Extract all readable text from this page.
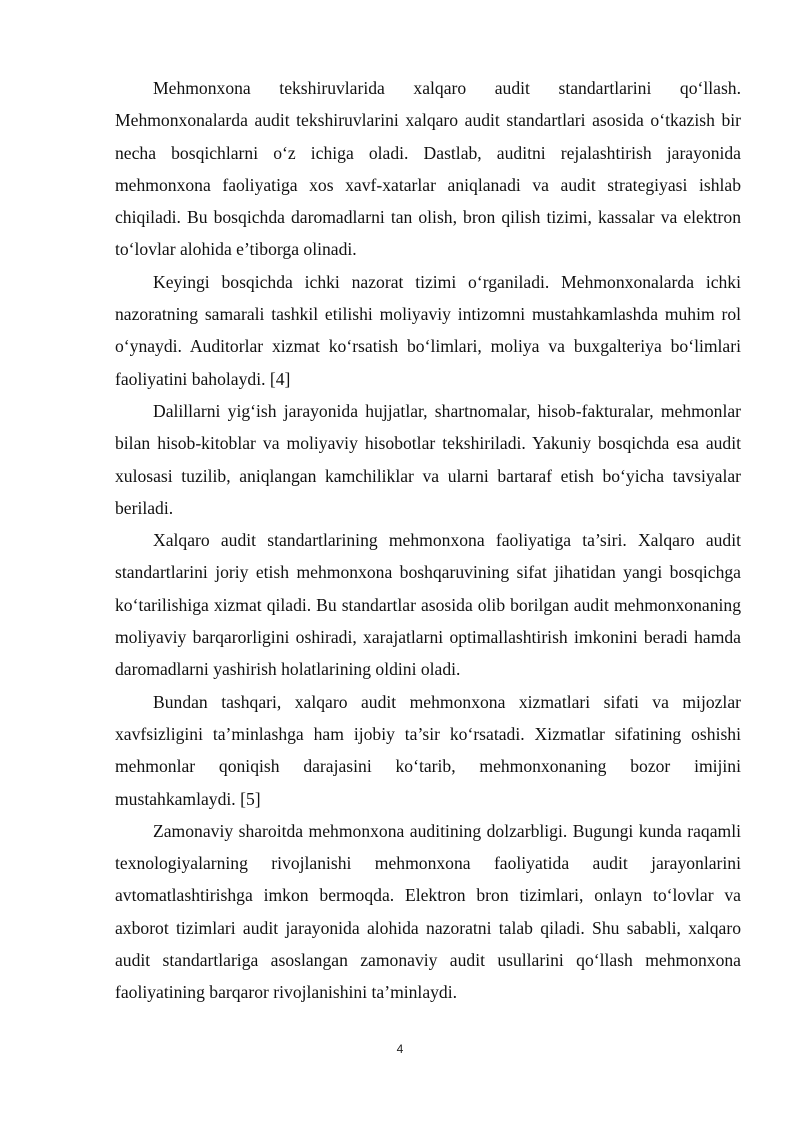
Mehmonxona tekshiruvlarida xalqaro audit standartlarini qo‘llash. Mehmonxonalarda audit tekshiruvlarini xalqaro audit standartlari asosida o‘tkazish bir necha bosqichlarni o‘z ichiga oladi. Dastlab, auditni rejalashtirish jarayonida mehmonxona faoliyatiga xos xavf-xatarlar aniqlanadi va audit strategiyasi ishlab chiqiladi. Bu bosqichda daromadlarni tan olish, bron qilish tizimi, kassalar va elektron to‘lovlar alohida e’tiborga olinadi.

Keyingi bosqichda ichki nazorat tizimi o‘rganiladi. Mehmonxonalarda ichki nazoratning samarali tashkil etilishi moliyaviy intizomni mustahkamlashda muhim rol o‘ynaydi. Auditorlar xizmat ko‘rsatish bo‘limlari, moliya va buxgalteriya bo‘limlari faoliyatini baholaydi. [4]

Dalillarni yig‘ish jarayonida hujjatlar, shartnomalar, hisob-fakturalar, mehmonlar bilan hisob-kitoblar va moliyaviy hisobotlar tekshiriladi. Yakuniy bosqichda esa audit xulosasi tuzilib, aniqlangan kamchiliklar va ularni bartaraf etish bo‘yicha tavsiyalar beriladi.

Xalqaro audit standartlarining mehmonxona faoliyatiga ta’siri. Xalqaro audit standartlarini joriy etish mehmonxona boshqaruvining sifat jihatidan yangi bosqichga ko‘tarilishiga xizmat qiladi. Bu standartlar asosida olib borilgan audit mehmonxonaning moliyaviy barqarorligini oshiradi, xarajatlarni optimallashtirish imkonini beradi hamda daromadlarni yashirish holatlarining oldini oladi.

Bundan tashqari, xalqaro audit mehmonxona xizmatlari sifati va mijozlar xavfsizligini ta’minlashga ham ijobiy ta’sir ko‘rsatadi. Xizmatlar sifatining oshishi mehmonlar qoniqish darajasini ko‘tarib, mehmonxonaning bozor imijini mustahkamlaydi. [5]

Zamonaviy sharoitda mehmonxona auditining dolzarbligi. Bugungi kunda raqamli texnologiyalarning rivojlanishi mehmonxona faoliyatida audit jarayonlarini avtomatlashtirishga imkon bermoqda. Elektron bron tizimlari, onlayn to‘lovlar va axborot tizimlari audit jarayonida alohida nazoratni talab qiladi. Shu sababli, xalqaro audit standartlariga asoslangan zamonaviy audit usullarini qo‘llash mehmonxona faoliyatining barqaror rivojlanishini ta’minlaydi.

4
